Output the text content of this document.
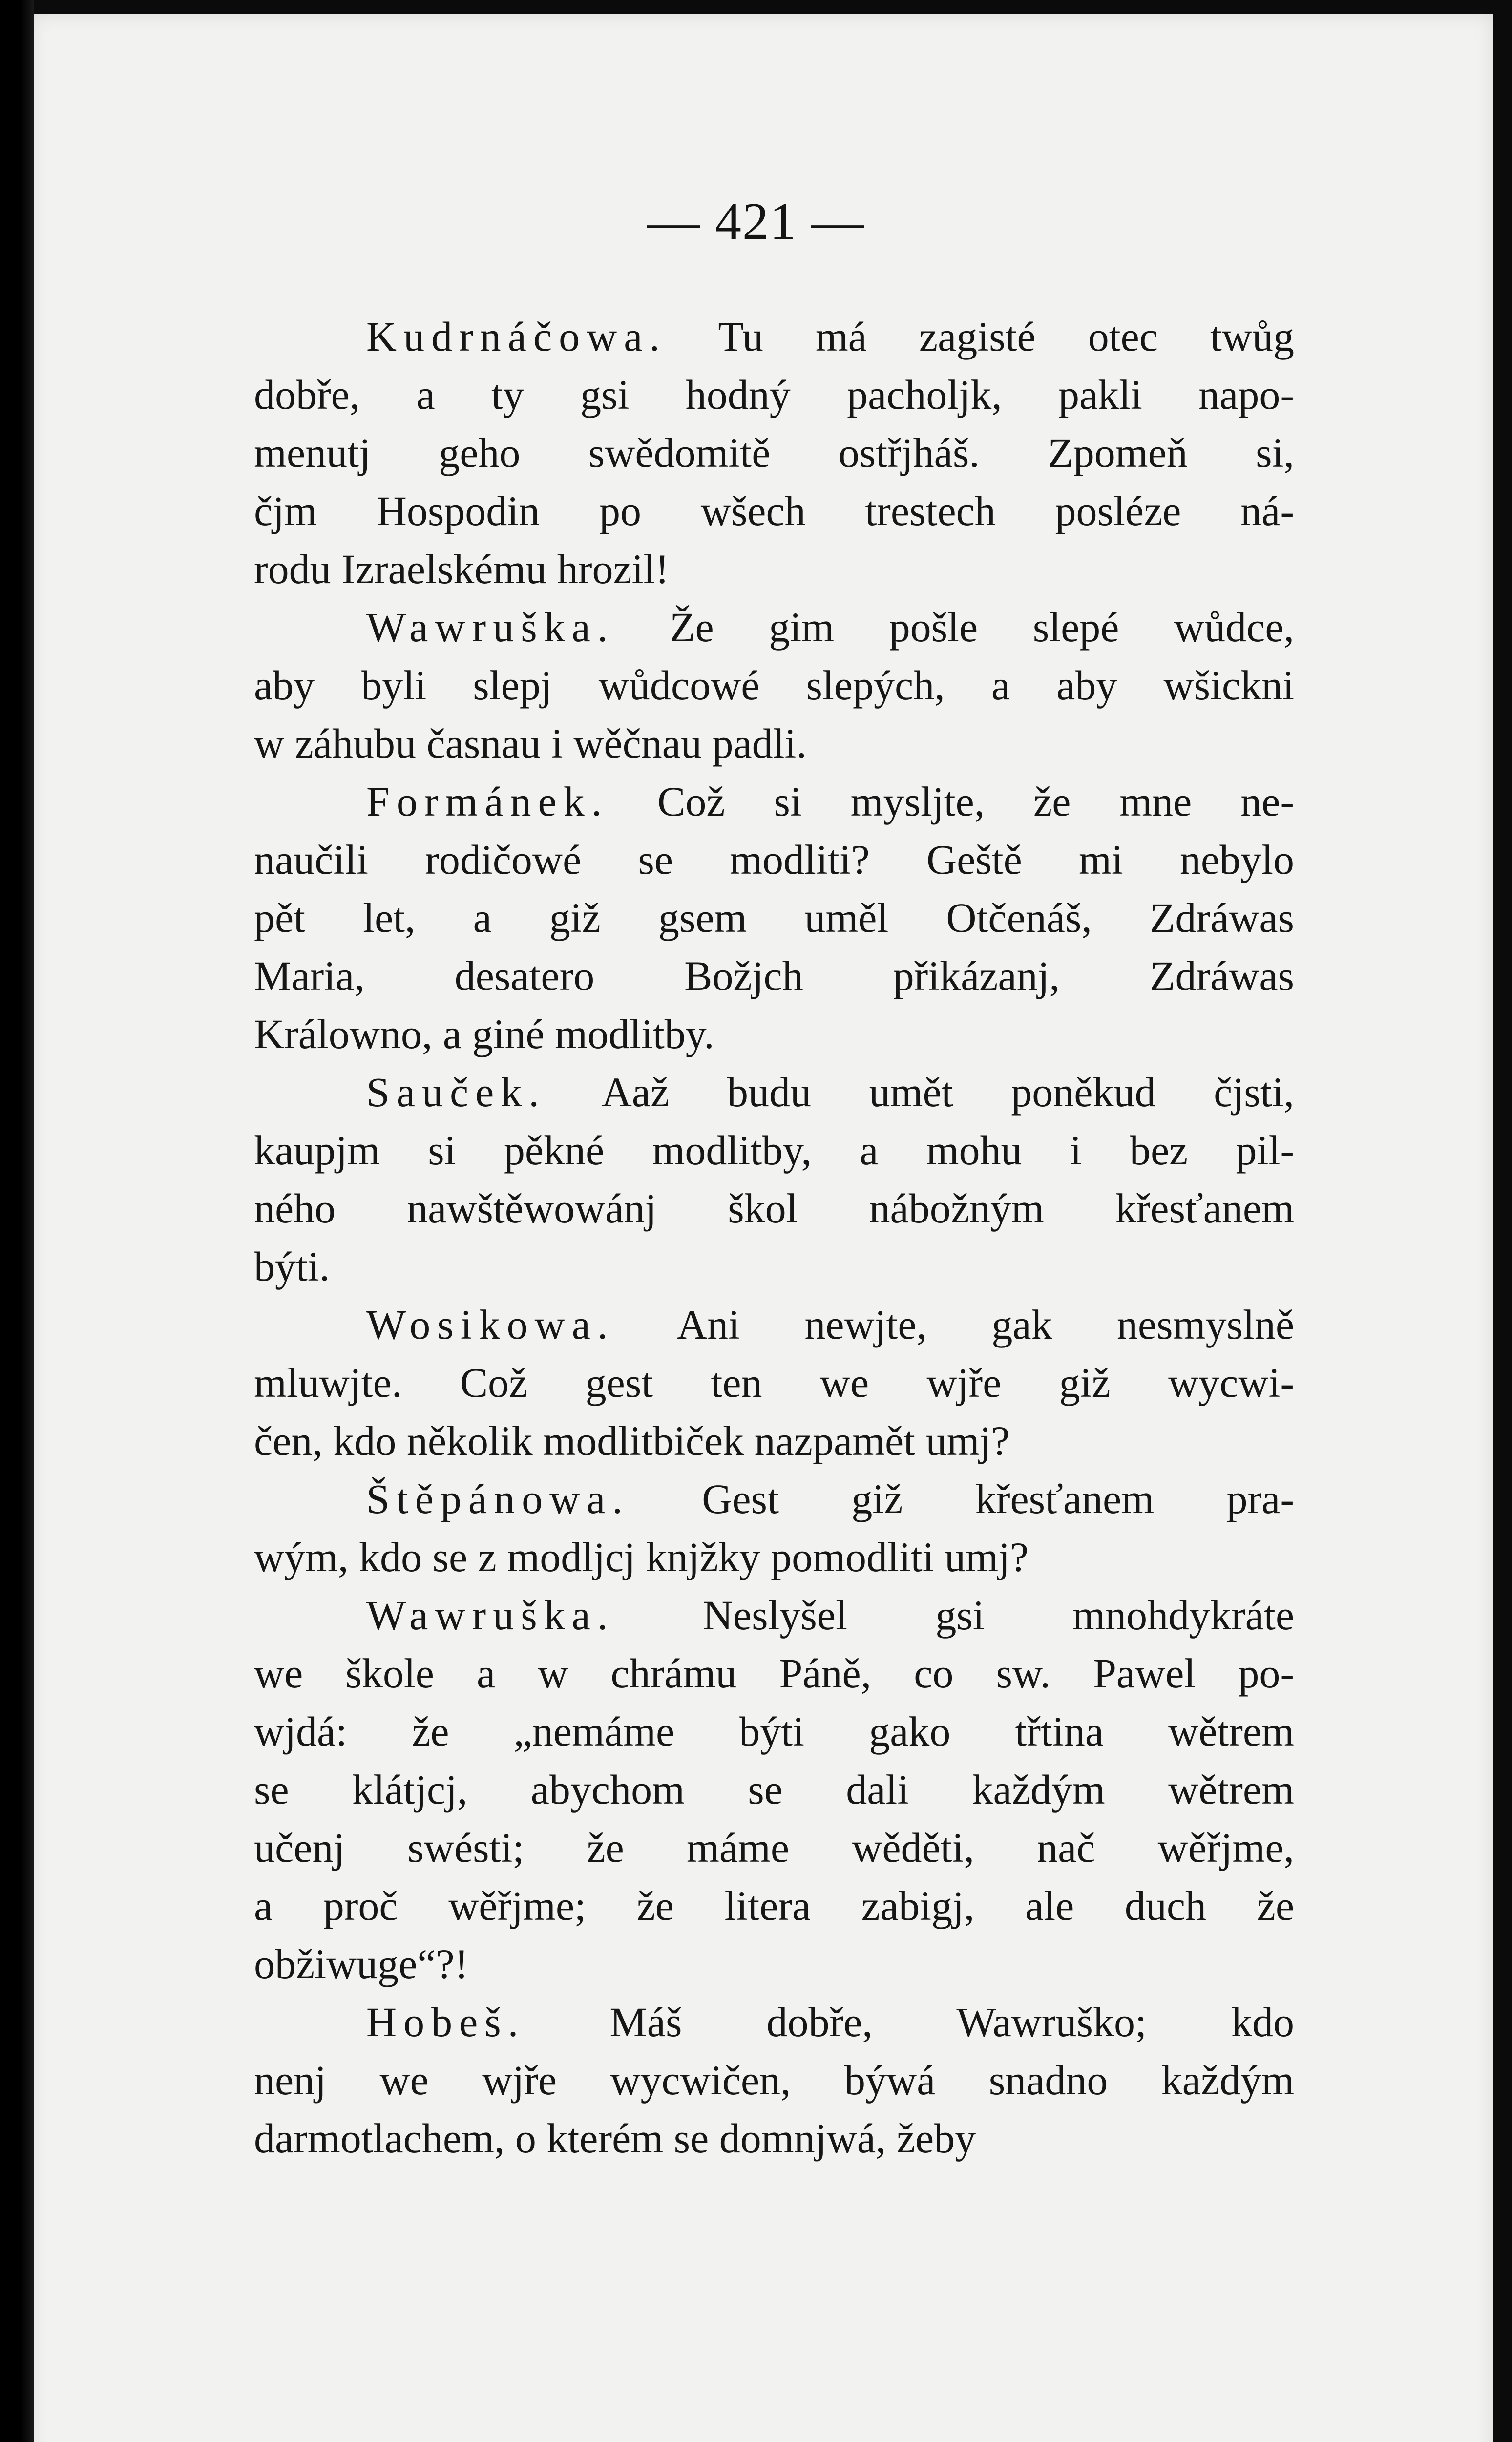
— 421 —
Kudrnáčowa. Tu má zagisté otec twůg
dobře, a ty gsi hodný pacholjk, pakli napo-
menutj geho swědomitě ostřjháš. Zpomeň si,
čjm Hospodin po wšech trestech posléze ná-
rodu Izraelskému hrozil!
Wawruška. Že gim pošle slepé wůdce,
aby byli slepj wůdcowé slepých, a aby wšickni
w záhubu časnau i wěčnau padli.
Formánek. Což si mysljte, že mne ne-
naučili rodičowé se modliti? Geště mi nebylo
pět let, a giž gsem uměl Otčenáš, Zdráwas
Maria, desatero Božjch přikázanj, Zdráwas
Králowno, a giné modlitby.
Sauček. Aaž budu umět poněkud čjsti,
kaupjm si pěkné modlitby, a mohu i bez pil-
ného nawštěwowánj škol nábožným křesťanem
býti.
Wosikowa. Ani newjte, gak nesmyslně
mluwjte. Což gest ten we wjře giž wycwi-
čen, kdo několik modlitbiček nazpamět umj?
Štěpánowa. Gest giž křesťanem pra-
wým, kdo se z modljcj knjžky pomodliti umj?
Wawruška. Neslyšel gsi mnohdykráte
we škole a w chrámu Páně, co sw. Pawel po-
wjdá: že „nemáme býti gako třtina wětrem
se klátjcj, abychom se dali každým wětrem
učenj swésti; že máme wěděti, nač wěřjme,
a proč wěřjme; že litera zabigj, ale duch že
obžiwuge“?!
Hobeš. Máš dobře, Wawruško; kdo
nenj we wjře wycwičen, býwá snadno každým
darmotlachem, o kterém se domnjwá, žeby
